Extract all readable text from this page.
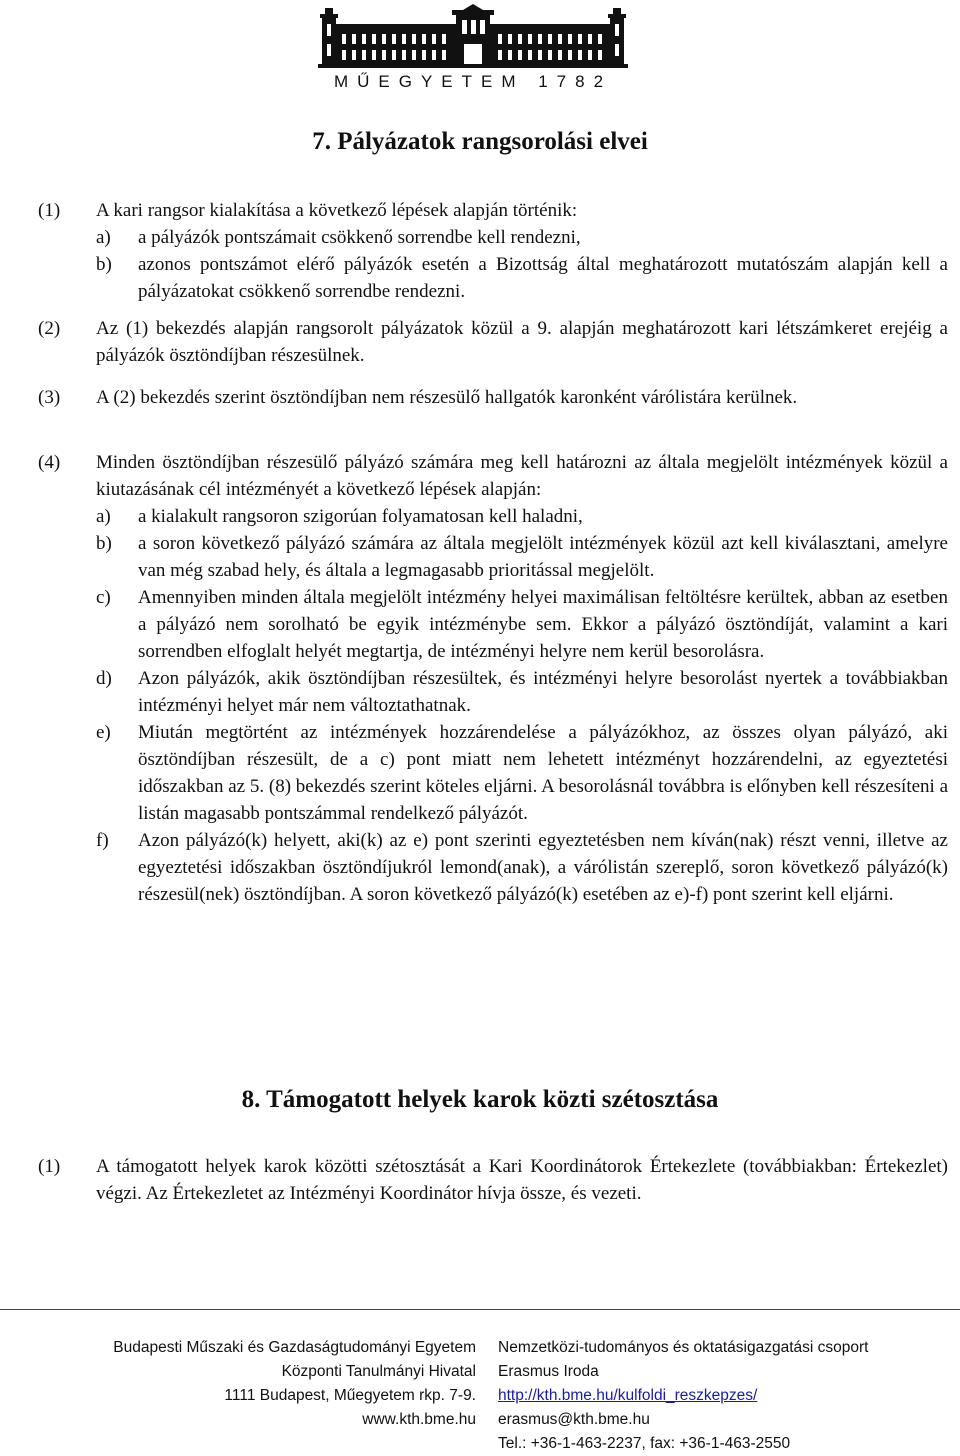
MŰEGYETEM 1782
7. Pályázatok rangsorolási elvei
(1) A kari rangsor kialakítása a következő lépések alapján történik:
a) a pályázók pontszámait csökkenő sorrendbe kell rendezni,
b) azonos pontszámot elérő pályázók esetén a Bizottság által meghatározott mutatószám alapján kell a pályázatokat csökkenő sorrendbe rendezni.
(2) Az (1) bekezdés alapján rangsorolt pályázatok közül a 9. alapján meghatározott kari létszámkeret erejéig a pályázók ösztöndíjban részesülnek.
(3) A (2) bekezdés szerint ösztöndíjban nem részesülő hallgatók karonként várólistára kerülnek.
(4) Minden ösztöndíjban részesülő pályázó számára meg kell határozni az általa megjelölt intézmények közül a kiutazásának cél intézményét a következő lépések alapján:
a) a kialakult rangsoron szigorúan folyamatosan kell haladni,
b) a soron következő pályázó számára az általa megjelölt intézmények közül azt kell kiválasztani, amelyre van még szabad hely, és általa a legmagasabb prioritással megjelölt.
c) Amennyiben minden általa megjelölt intézmény helyei maximálisan feltöltésre kerültek, abban az esetben a pályázó nem sorolható be egyik intézménybe sem. Ekkor a pályázó ösztöndíját, valamint a kari sorrendben elfoglalt helyét megtartja, de intézményi helyre nem kerül besorolásra.
d) Azon pályázók, akik ösztöndíjban részesültek, és intézményi helyre besorolást nyertek a továbbiakban intézményi helyet már nem változtathatnak.
e) Miután megtörtént az intézmények hozzárendelése a pályázókhoz, az összes olyan pályázó, aki ösztöndíjban részesült, de a c) pont miatt nem lehetett intézményt hozzárendelni, az egyeztetési időszakban az 5. (8) bekezdés szerint köteles eljárni. A besorolásnál továbbra is előnyben kell részesíteni a listán magasabb pontszámmal rendelkező pályázót.
f) Azon pályázó(k) helyett, aki(k) az e) pont szerinti egyeztetésben nem kíván(nak) részt venni, illetve az egyeztetési időszakban ösztöndíjukról lemond(anak), a várólistán szereplő, soron következő pályázó(k) részesül(nek) ösztöndíjban. A soron következő pályázó(k) esetében az e)-f) pont szerint kell eljárni.
8. Támogatott helyek karok közti szétosztása
(1) A támogatott helyek karok közötti szétosztását a Kari Koordinátorok Értekezlete (továbbiakban: Értekezlet) végzi. Az Értekezletet az Intézményi Koordinátor hívja össze, és vezeti.
Budapesti Műszaki és Gazdaságtudományi Egyetem
Központi Tanulmányi Hivatal
1111 Budapest, Műegyetem rkp. 7-9.
www.kth.bme.hu
Nemzetközi-tudományos és oktatásigazgatási csoport
Erasmus Iroda
http://kth.bme.hu/kulfoldi_reszkepzes/
erasmus@kth.bme.hu
Tel.: +36-1-463-2237, fax: +36-1-463-2550
